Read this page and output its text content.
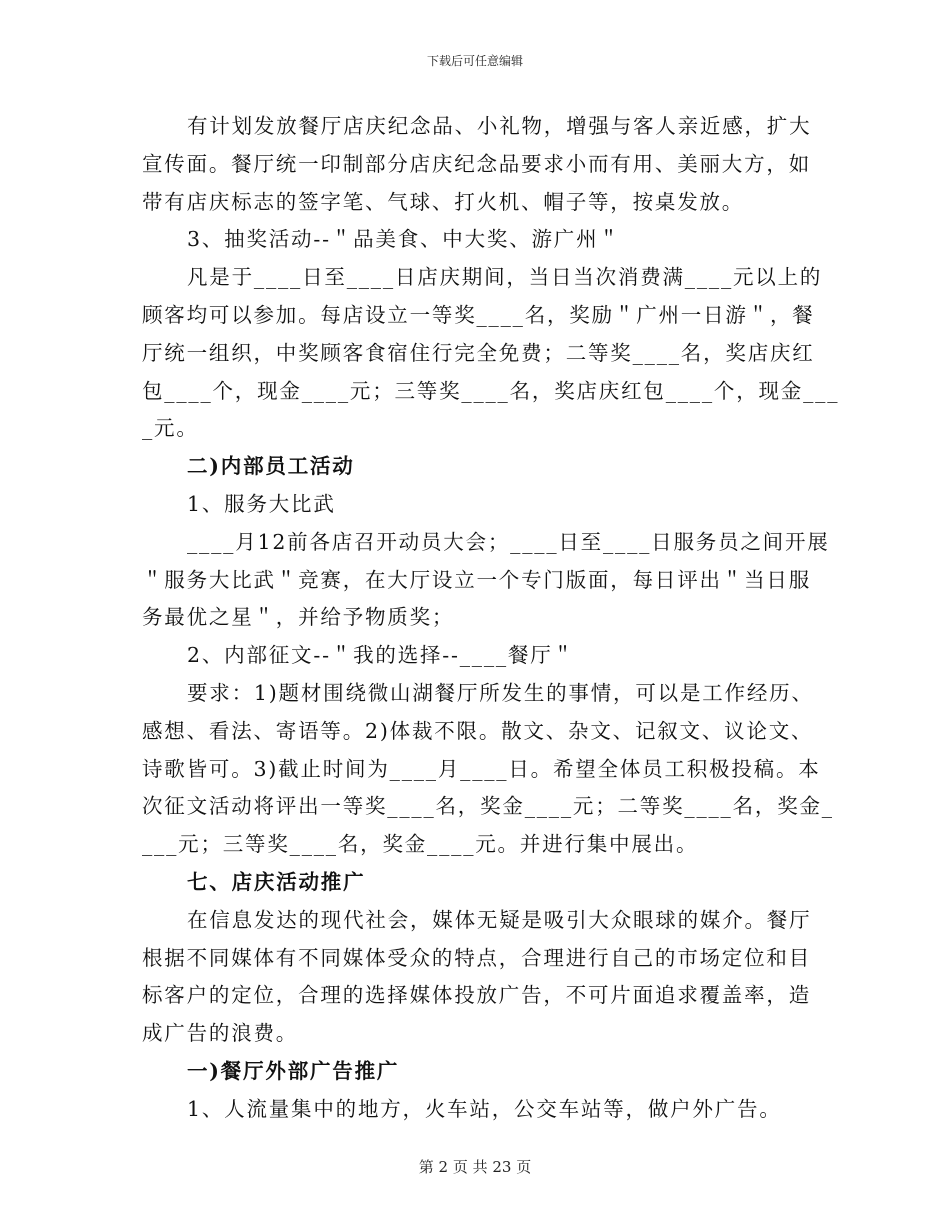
下载后可任意编辑
有计划发放餐厅店庆纪念品、小礼物，增强与客人亲近感，扩大
宣传面。餐厅统一印制部分店庆纪念品要求小而有用、美丽大方，如
带有店庆标志的签字笔、气球、打火机、帽子等，按桌发放。
3、抽奖活动--＂品美食、中大奖、游广州＂
凡是于____日至____日店庆期间，当日当次消费满____元以上的
顾客均可以参加。每店设立一等奖____名，奖励＂广州一日游＂，餐
厅统一组织，中奖顾客食宿住行完全免费；二等奖____名，奖店庆红
包____个，现金____元；三等奖____名，奖店庆红包____个，现金___
_元。
二)内部员工活动
1、服务大比武
____月12前各店召开动员大会；____日至____日服务员之间开展
＂服务大比武＂竞赛，在大厅设立一个专门版面，每日评出＂当日服
务最优之星＂，并给予物质奖；
2、内部征文--＂我的选择--____餐厅＂
要求：1)题材围绕微山湖餐厅所发生的事情，可以是工作经历、
感想、看法、寄语等。2)体裁不限。散文、杂文、记叙文、议论文、
诗歌皆可。3)截止时间为____月____日。希望全体员工积极投稿。本
次征文活动将评出一等奖____名，奖金____元；二等奖____名，奖金_
___元；三等奖____名，奖金____元。并进行集中展出。
七、店庆活动推广
在信息发达的现代社会，媒体无疑是吸引大众眼球的媒介。餐厅
根据不同媒体有不同媒体受众的特点，合理进行自己的市场定位和目
标客户的定位，合理的选择媒体投放广告，不可片面追求覆盖率，造
成广告的浪费。
一)餐厅外部广告推广
1、人流量集中的地方，火车站，公交车站等，做户外广告。
第 2 页 共 23 页
